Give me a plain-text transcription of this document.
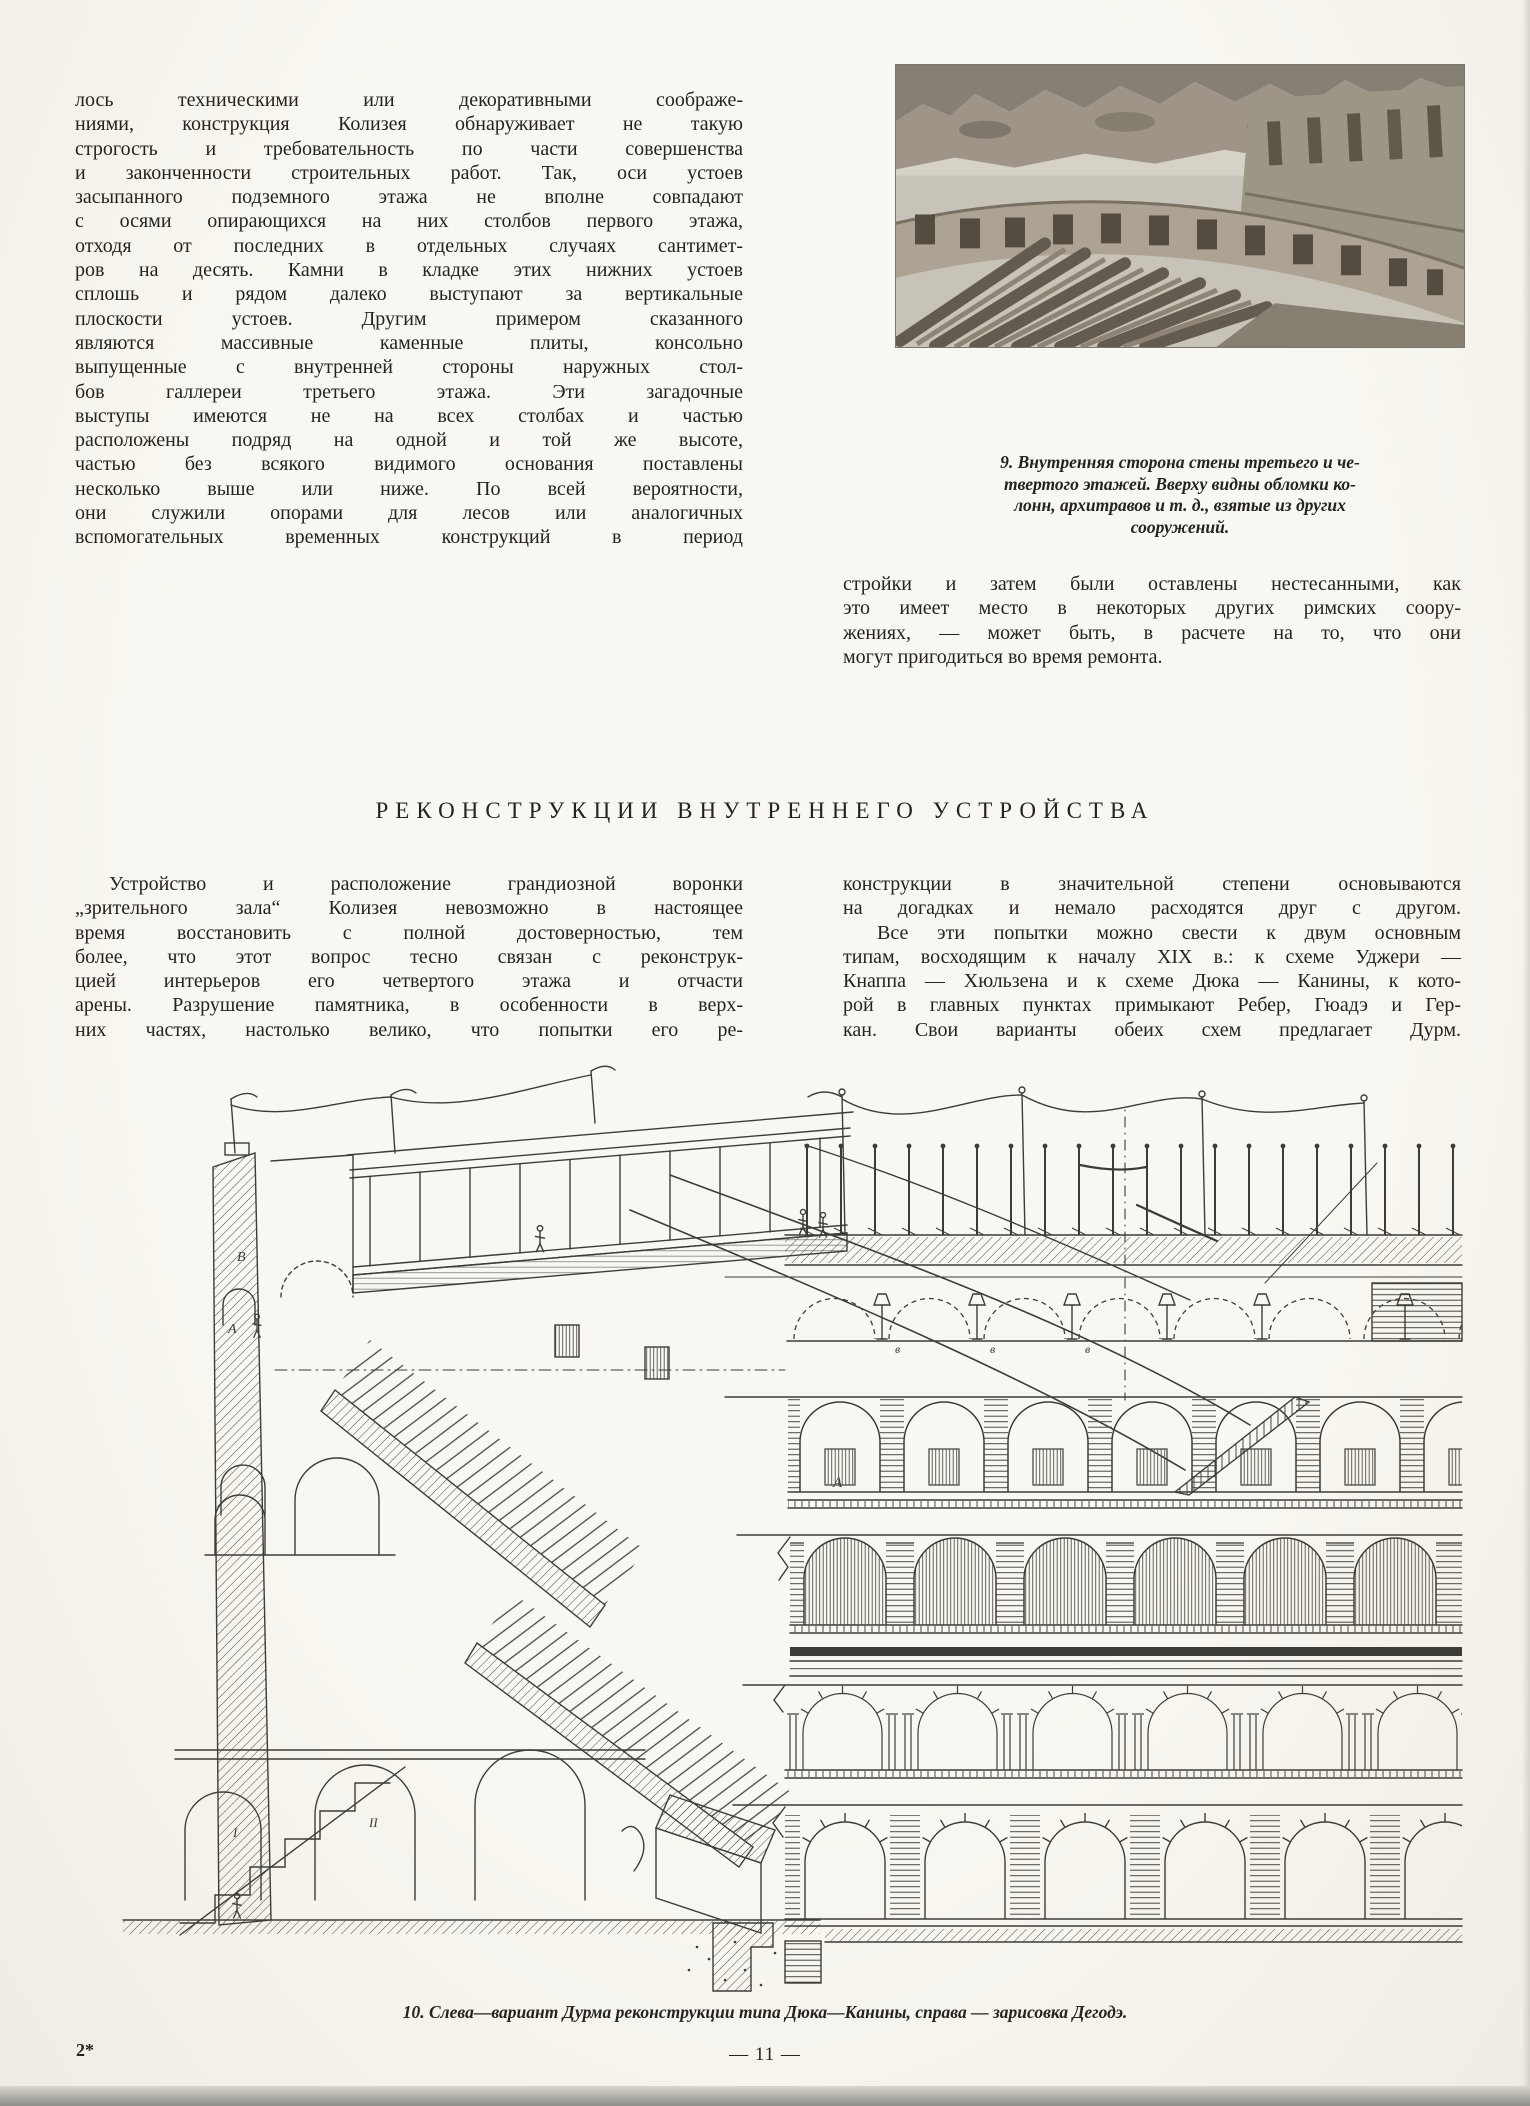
лось техническими или декоративными соображе-
ниями, конструкция Колизея обнаруживает не такую
строгость и требовательность по части совершенства
и законченности строительных работ. Так, оси устоев
засыпанного подземного этажа не вполне совпадают
с осями опирающихся на них столбов первого этажа,
отходя от последних в отдельных случаях сантимет-
ров на десять. Камни в кладке этих нижних устоев
сплошь и рядом далеко выступают за вертикальные
плоскости устоев. Другим примером сказанного
являются массивные каменные плиты, консольно
выпущенные с внутренней стороны наружных стол-
бов галлереи третьего этажа. Эти загадочные
выступы имеются не на всех столбах и частью
расположены подряд на одной и той же высоте,
частью без всякого видимого основания поставлены
несколько выше или ниже. По всей вероятности,
они служили опорами для лесов или аналогичных
вспомогательных временных конструкций в период
9. Внутренняя сторона стены третьего и че-
твертого этажей. Вверху видны обломки ко-
лонн, архитравов и т. д., взятые из других
сооружений.
стройки и затем были оставлены нестесанными, как
это имеет место в некоторых других римских соору-
жениях, — может быть, в расчете на то, что они
могут пригодиться во время ремонта.
РЕКОНСТРУКЦИИ ВНУТРЕННЕГО УСТРОЙСТВА
Устройство и расположение грандиозной воронки
„зрительного зала“ Колизея невозможно в настоящее
время восстановить с полной достоверностью, тем
более, что этот вопрос тесно связан с реконструк-
цией интерьеров его четвертого этажа и отчасти
арены. Разрушение памятника, в особенности в верх-
них частях, настолько велико, что попытки его ре-
конструкции в значительной степени основываются
на догадках и немало расходятся друг с другом.
Все эти попытки можно свести к двум основным
типам, восходящим к началу XIX в.: к схеме Уджери —
Кнаппа — Хюльзена и к схеме Дюка — Канины, к кото-
рой в главных пунктах примыкают Ребер, Гюадэ и Гер-
кан. Свои варианты обеих схем предлагает Дурм.
В
А
I
II
А
в	в	в
10. Слева—вариант Дурма реконструкции типа Дюка—Канины, справа — зарисовка Дегодэ.
2*	— 11 —
